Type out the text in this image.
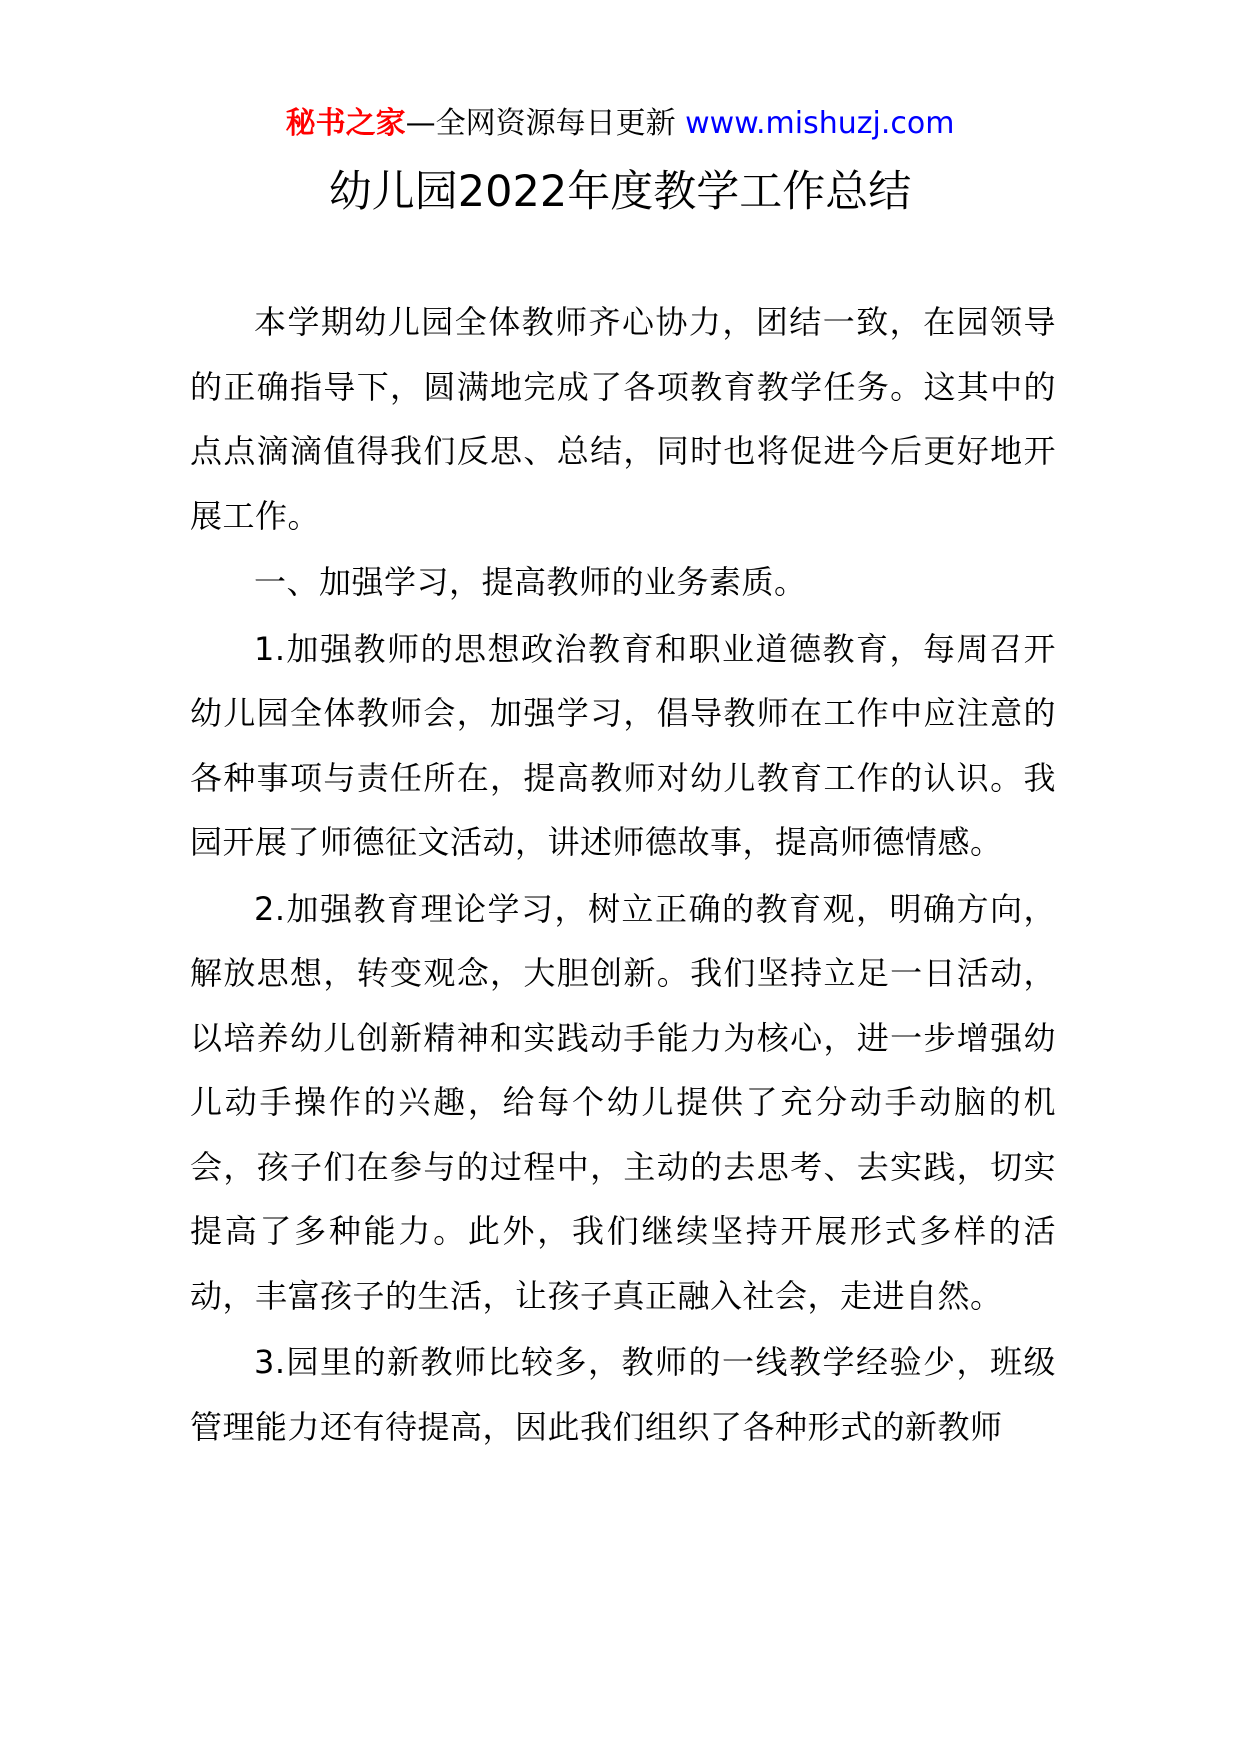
秘书之家—全网资源每日更新 www.mishuzj.com
幼儿园2022年度教学工作总结

本学期幼儿园全体教师齐心协力，团结一致，在园领导的正确指导下，圆满地完成了各项教育教学任务。这其中的点点滴滴值得我们反思、总结，同时也将促进今后更好地开展工作。

一、加强学习，提高教师的业务素质。

1.加强教师的思想政治教育和职业道德教育，每周召开幼儿园全体教师会，加强学习，倡导教师在工作中应注意的各种事项与责任所在，提高教师对幼儿教育工作的认识。我园开展了师德征文活动，讲述师德故事，提高师德情感。

2.加强教育理论学习，树立正确的教育观，明确方向，解放思想，转变观念，大胆创新。我们坚持立足一日活动，以培养幼儿创新精神和实践动手能力为核心，进一步增强幼儿动手操作的兴趣，给每个幼儿提供了充分动手动脑的机会，孩子们在参与的过程中，主动的去思考、去实践，切实提高了多种能力。此外，我们继续坚持开展形式多样的活动，丰富孩子的生活，让孩子真正融入社会，走进自然。

3.园里的新教师比较多，教师的一线教学经验少，班级管理能力还有待提高，因此我们组织了各种形式的新教师
